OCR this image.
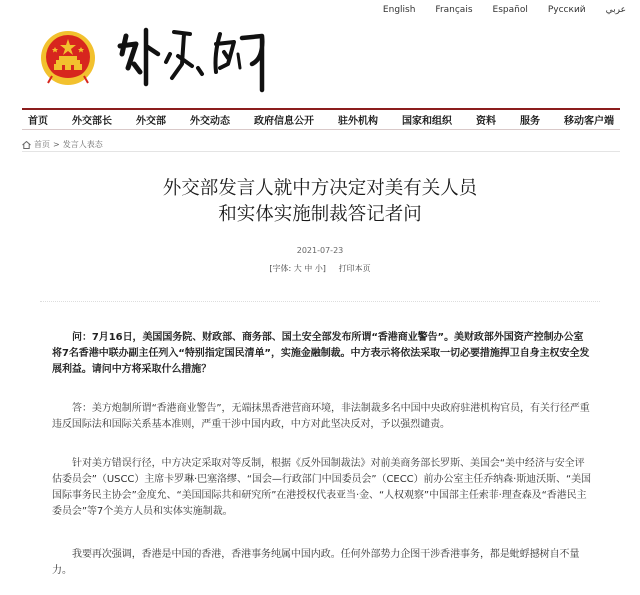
English Français Español Русский عربي
首页 外交部长 外交部 外交动态 政府信息公开 驻外机构 国家和组织 资料 服务 移动客户端
首页 > 发言人表态
外交部发言人就中方决定对美有关人员
和实体实施制裁答记者问
2021-07-23
[字体: 大 中 小] 打印本页

问：7月16日，美国国务院、财政部、商务部、国土安全部发布所谓“香港商业警告”。美财政部外国资产控制办公室将7名香港中联办副主任列入“特别指定国民清单”，实施金融制裁。中方表示将依法采取一切必要措施捍卫自身主权安全发展利益。请问中方将采取什么措施？

答：美方炮制所谓“香港商业警告”，无端抹黑香港营商环境，非法制裁多名中国中央政府驻港机构官员，有关行径严重违反国际法和国际关系基本准则，严重干涉中国内政，中方对此坚决反对，予以强烈谴责。

针对美方错误行径，中方决定采取对等反制，根据《反外国制裁法》对前美商务部长罗斯、美国会“美中经济与安全评估委员会”（USCC）主席卡罗琳·巴塞洛缪、“国会—行政部门中国委员会”（CECC）前办公室主任乔纳森·斯迪沃斯、“美国国际事务民主协会”金度允、“美国国际共和研究所”在港授权代表亚当·金、“人权观察”中国部主任索菲·理查森及“香港民主委员会”等7个美方人员和实体实施制裁。

我要再次强调，香港是中国的香港，香港事务纯属中国内政。任何外部势力企图干涉香港事务，都是蚍蜉撼树自不量力。
